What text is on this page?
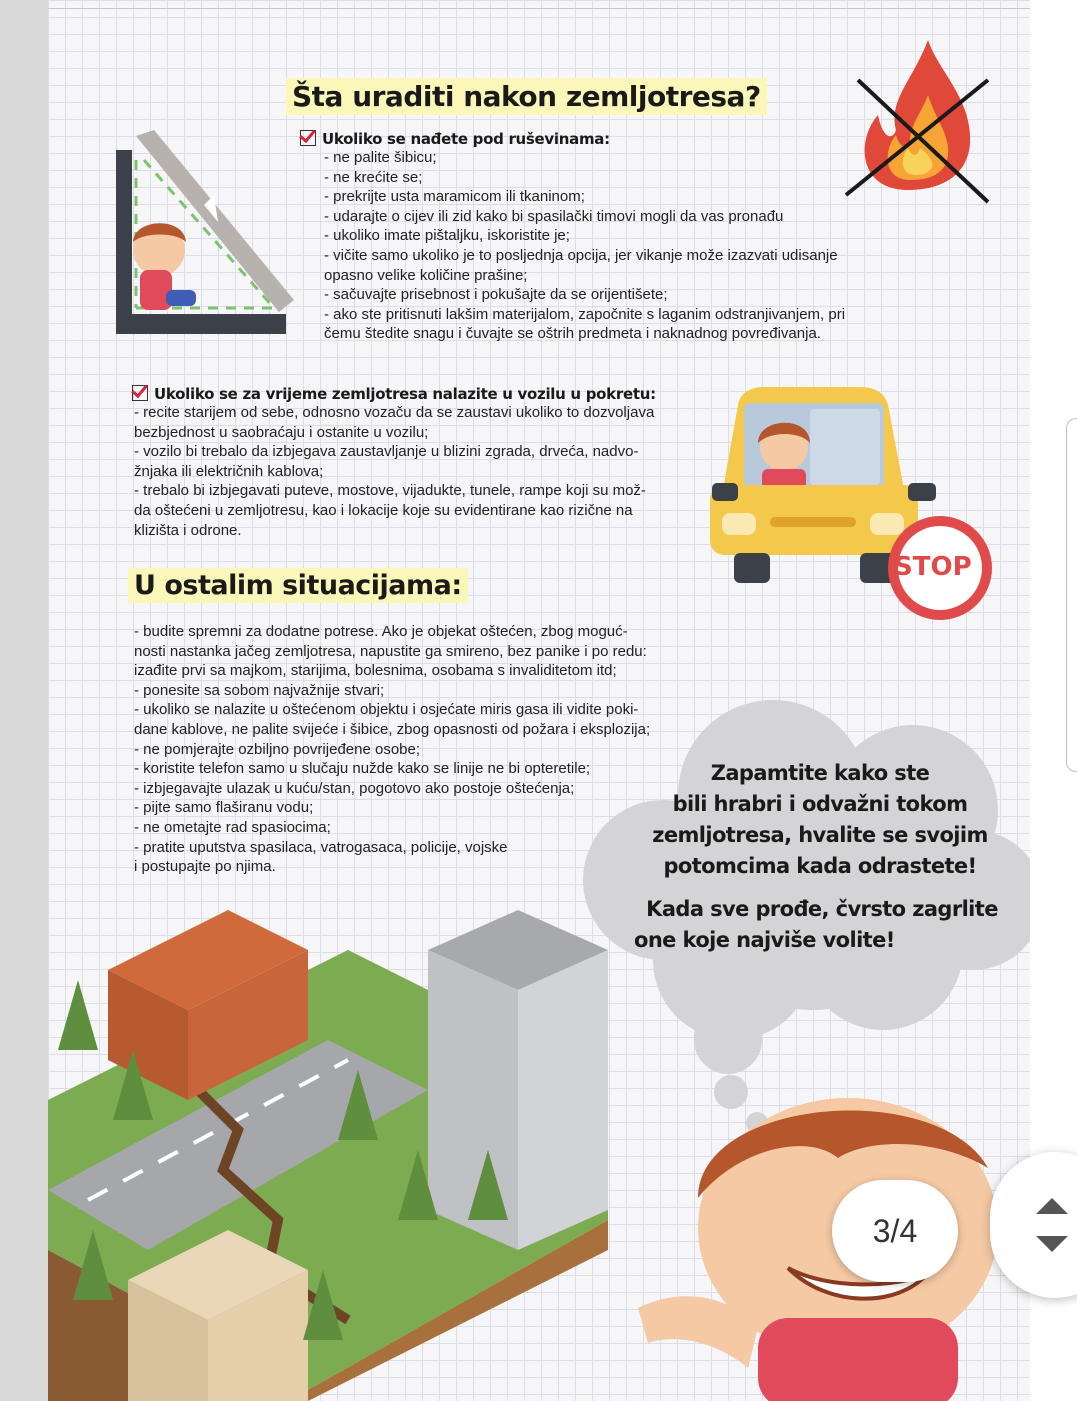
Šta uraditi nakon zemljotresa?
Ukoliko se nađete pod ruševinama:
- ne palite šibicu;
- ne krećite se;
- prekrijte usta maramicom ili tkaninom;
- udarajte o cijev ili zid kako bi spasilački timovi mogli da vas pronađu
- ukoliko imate pištaljku, iskoristite je;
- vičite samo ukoliko je to posljednja opcija, jer vikanje može izazvati udisanje
opasno velike količine prašine;
- sačuvajte prisebnost i pokušajte da se orijentišete;
- ako ste pritisnuti lakšim materijalom, započnite s laganim odstranjivanjem, pri
čemu štedite snagu i čuvajte se oštrih predmeta i naknadnog povređivanja.
Ukoliko se za vrijeme zemljotresa nalazite u vozilu u pokretu:
- recite starijem od sebe, odnosno vozaču da se zaustavi ukoliko to dozvoljava
bezbjednost u saobraćaju i ostanite u vozilu;
- vozilo bi trebalo da izbjegava zaustavljanje u blizini zgrada, drveća, nadvo-
žnjaka ili električnih kablova;
- trebalo bi izbjegavati puteve, mostove, vijadukte, tunele, rampe koji su mož-
da oštećeni u zemljotresu, kao i lokacije koje su evidentirane kao rizične na
klizišta i odrone.
STOP
U ostalim situacijama:
- budite spremni za dodatne potrese. Ako je objekat oštećen, zbog moguć-
nosti nastanka jačeg zemljotresa, napustite ga smireno, bez panike i po redu:
izađite prvi sa majkom, starijima, bolesnima, osobama s invaliditetom itd;
- ponesite sa sobom najvažnije stvari;
- ukoliko se nalazite u oštećenom objektu i osjećate miris gasa ili vidite poki-
dane kablove, ne palite svijeće i šibice, zbog opasnosti od požara i eksplozija;
- ne pomjerajte ozbiljno povrijeđene osobe;
- koristite telefon samo u slučaju nužde kako se linije ne bi opteretile;
- izbjegavajte ulazak u kuću/stan, pogotovo ako postoje oštećenja;
- pijte samo flaširanu vodu;
- ne ometajte rad spasiocima;
- pratite uputstva spasilaca, vatrogasaca, policije, vojske
i postupajte po njima.
Zapamtite kako ste
bili hrabri i odvažni tokom
zemljotresa, hvalite se svojim
potomcima kada odrastete!
Kada sve prođe, čvrsto zagrlite
one koje najviše volite!
3/4
